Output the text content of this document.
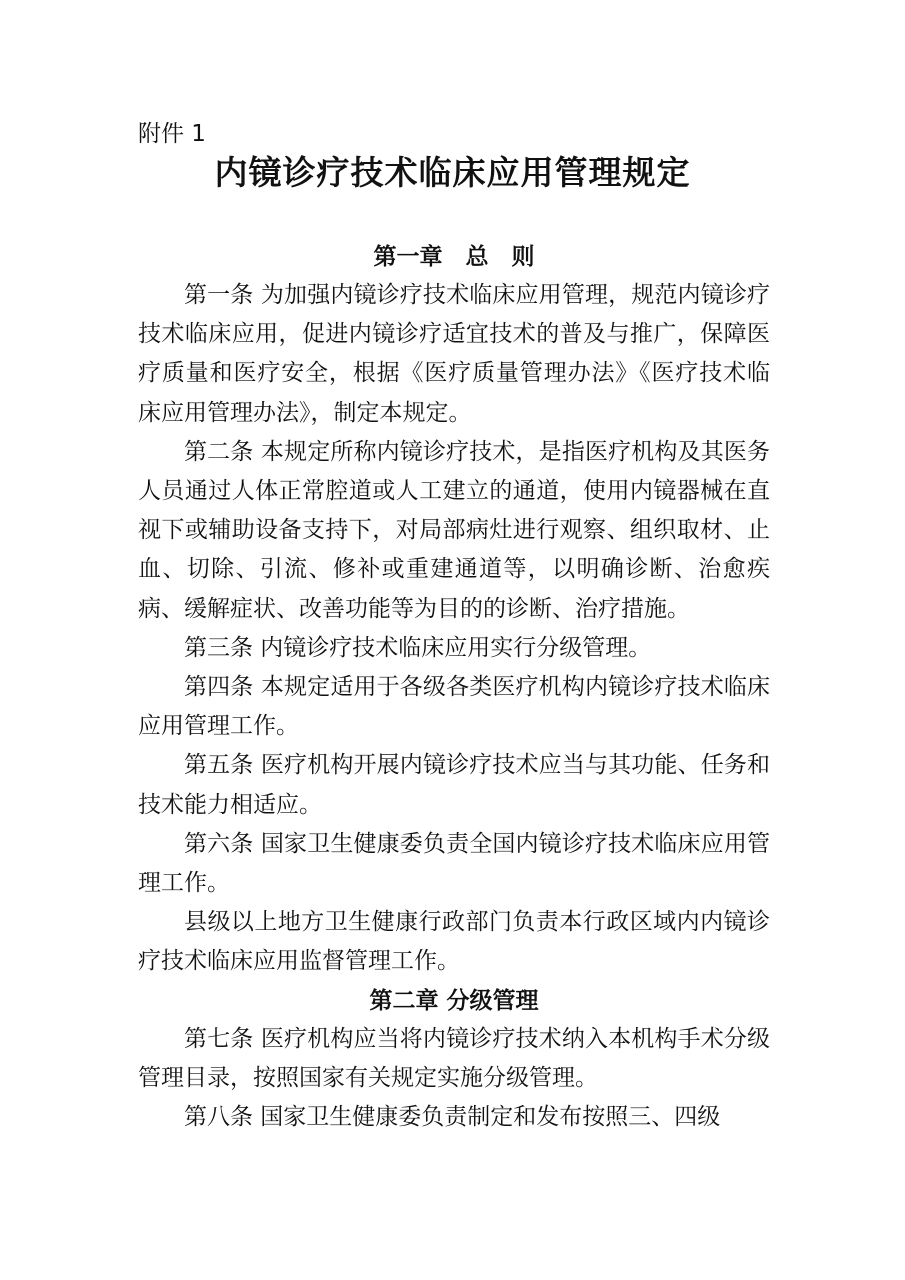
附件 1

内镜诊疗技术临床应用管理规定
第一章　总　则

第一条 为加强内镜诊疗技术临床应用管理，规范内镜诊疗技术临床应用，促进内镜诊疗适宜技术的普及与推广，保障医疗质量和医疗安全，根据《医疗质量管理办法》《医疗技术临床应用管理办法》，制定本规定。

第二条 本规定所称内镜诊疗技术，是指医疗机构及其医务人员通过人体正常腔道或人工建立的通道，使用内镜器械在直视下或辅助设备支持下，对局部病灶进行观察、组织取材、止血、切除、引流、修补或重建通道等，以明确诊断、治愈疾病、缓解症状、改善功能等为目的的诊断、治疗措施。

第三条 内镜诊疗技术临床应用实行分级管理。

第四条 本规定适用于各级各类医疗机构内镜诊疗技术临床应用管理工作。

第五条 医疗机构开展内镜诊疗技术应当与其功能、任务和技术能力相适应。

第六条 国家卫生健康委负责全国内镜诊疗技术临床应用管理工作。

县级以上地方卫生健康行政部门负责本行政区域内内镜诊疗技术临床应用监督管理工作。

第二章 分级管理

第七条 医疗机构应当将内镜诊疗技术纳入本机构手术分级管理目录，按照国家有关规定实施分级管理。

第八条 国家卫生健康委负责制定和发布按照三、四级
